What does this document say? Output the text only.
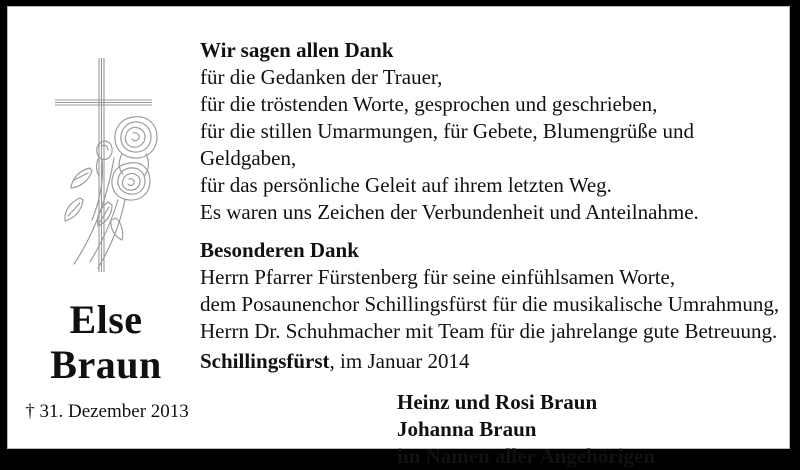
Else
Braun
† 31. Dezember 2013

Wir sagen allen Dank

für die Gedanken der Trauer,

für die tröstenden Worte, gesprochen und geschrieben,

für die stillen Umarmungen, für Gebete, Blumengrüße und Geldgaben,

für das persönliche Geleit auf ihrem letzten Weg.

Es waren uns Zeichen der Verbundenheit und Anteilnahme.

Besonderen Dank

Herrn Pfarrer Fürstenberg für seine einfühlsamen Worte,

dem Posaunenchor Schillingsfürst für die musikalische Umrahmung,

Herrn Dr. Schuhmacher mit Team für die jahrelange gute Betreuung.

Schillingsfürst, im Januar 2014

Heinz und Rosi Braun
Johanna Braun
im Namen aller Angehörigen
